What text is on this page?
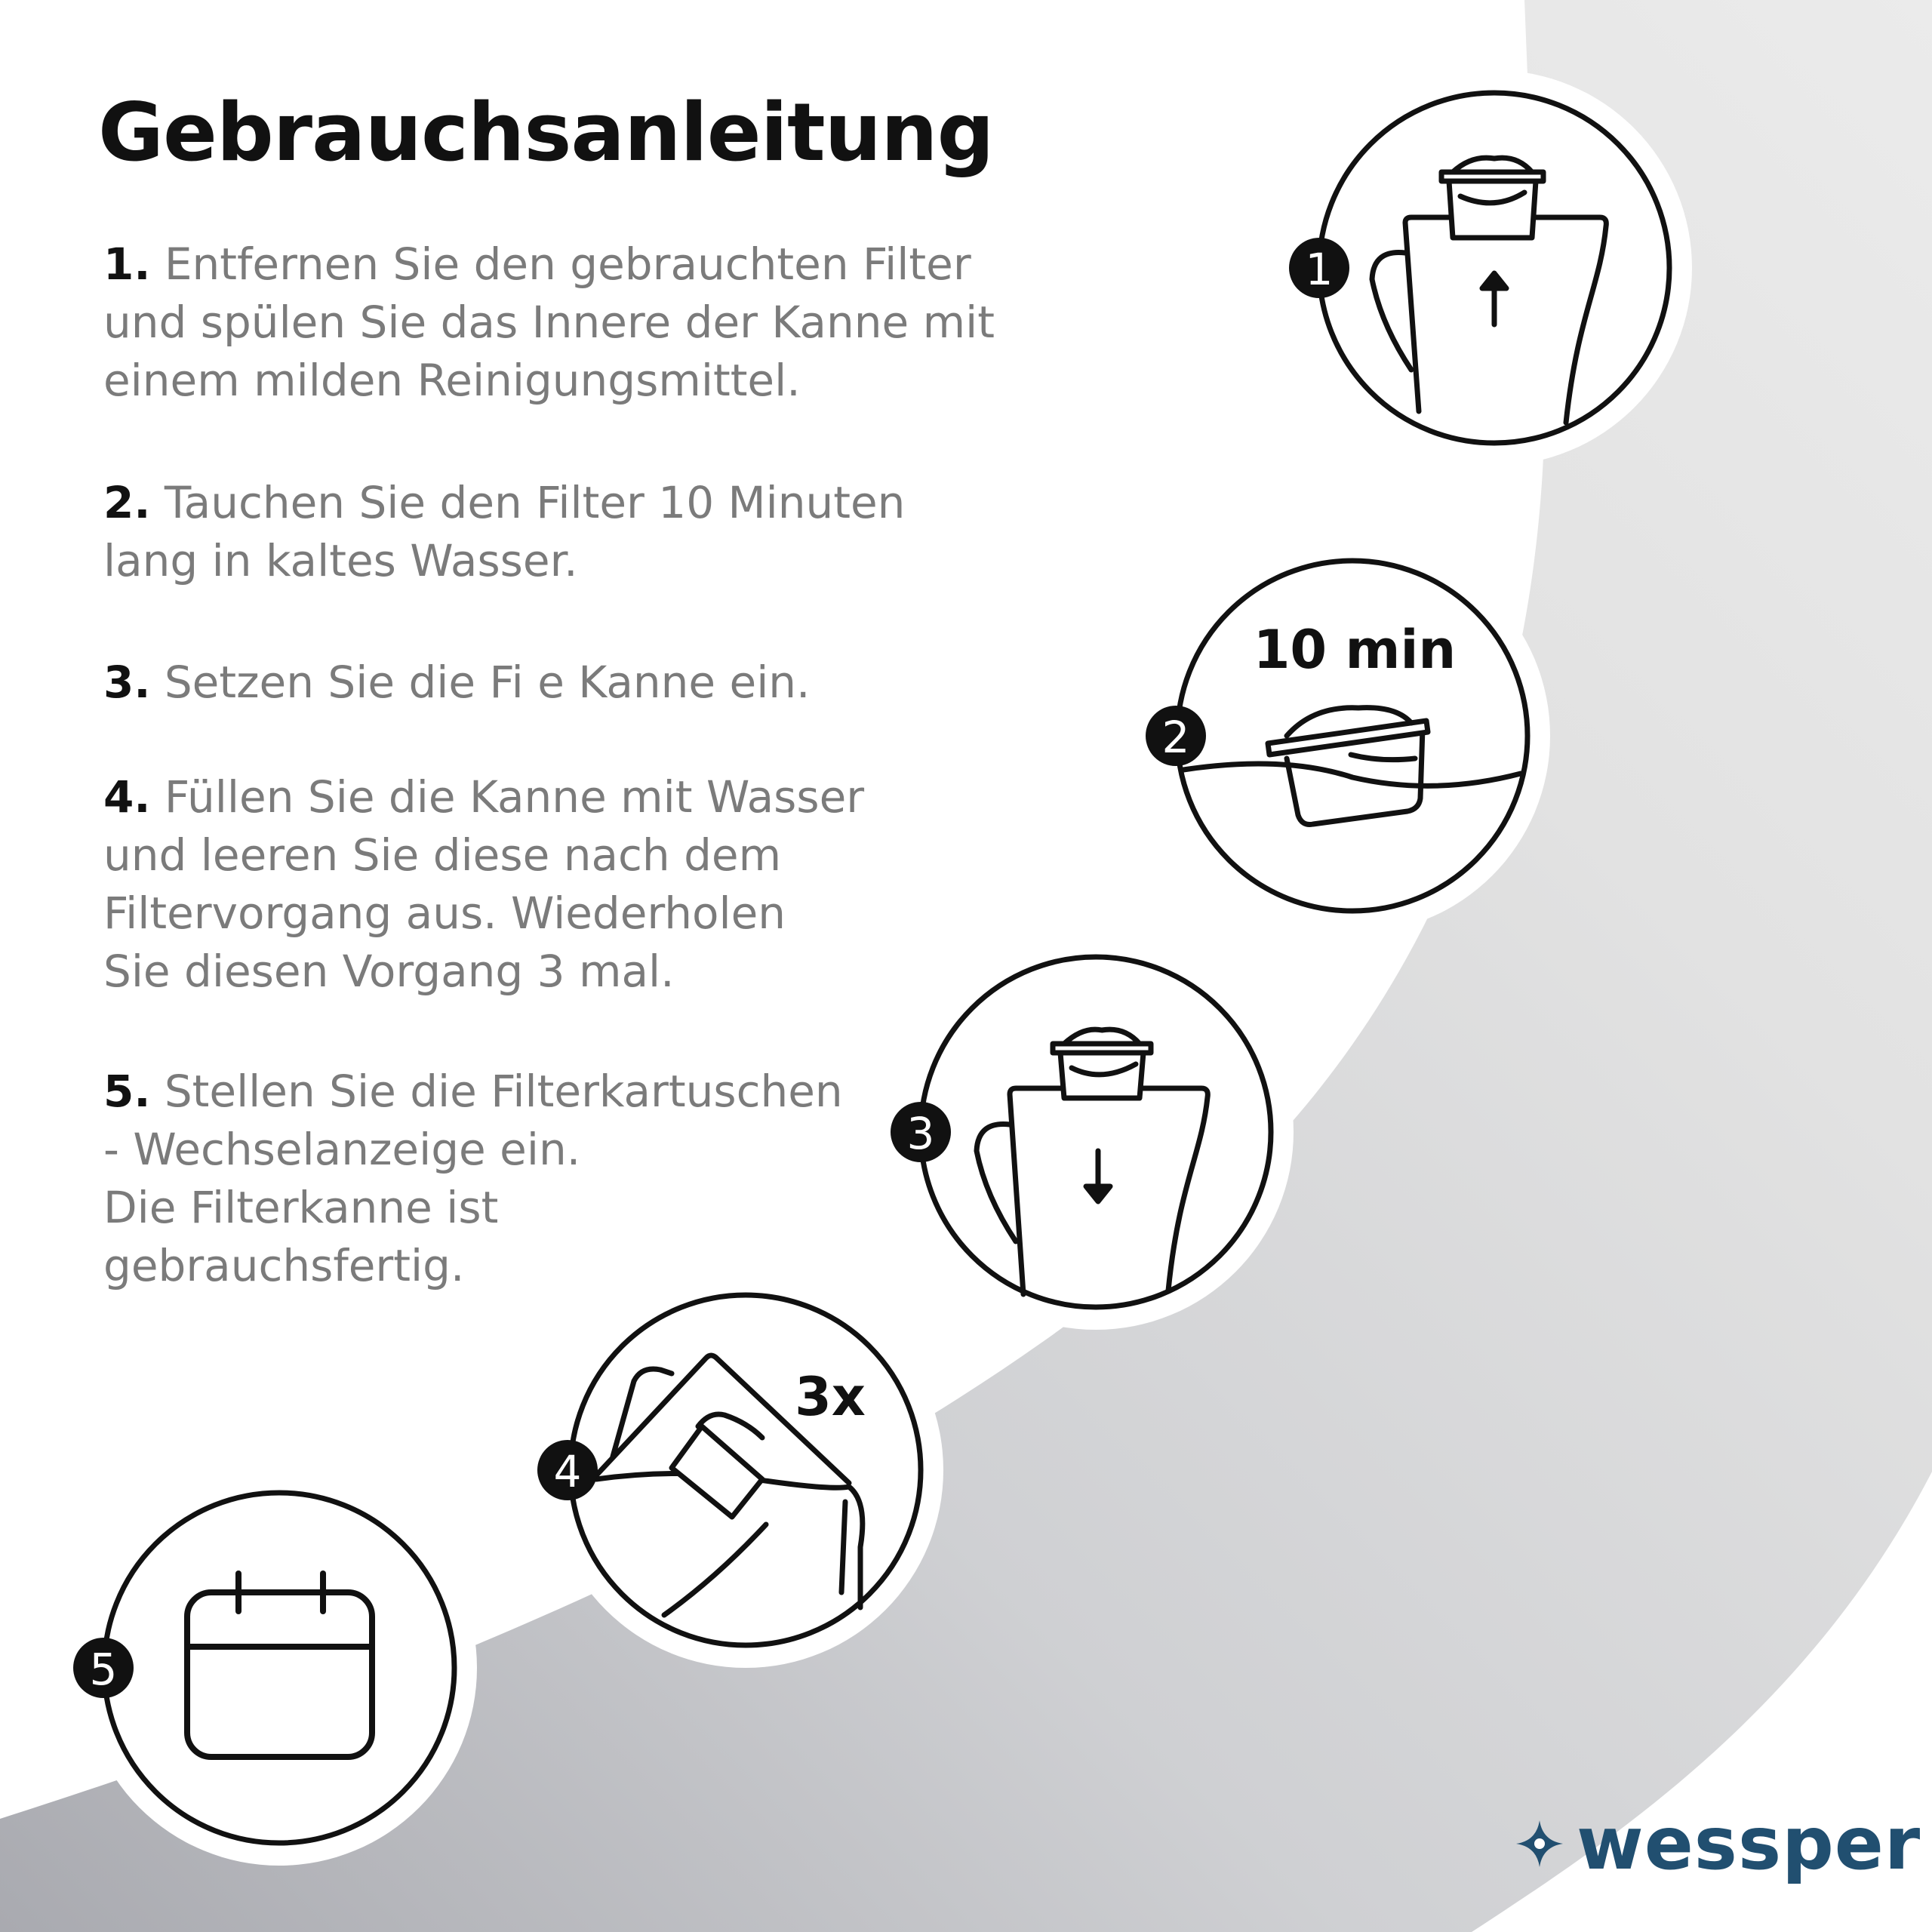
1
10 min
2
3
3x
4
5
Gebrauchsanleitung

1. Entfernen Sie den gebrauchten Filter
und spülen Sie das Innere der Kanne mit
einem milden Reinigungsmittel.

2. Tauchen Sie den Filter 10 Minuten
lang in kaltes Wasser.

3. Setzen Sie die Fi e Kanne ein.

4. Füllen Sie die Kanne mit Wasser
und leeren Sie diese nach dem
Filtervorgang aus. Wiederholen
Sie diesen Vorgang 3 mal.

5. Stellen Sie die Filterkartuschen
- Wechselanzeige ein.
Die Filterkanne ist
gebrauchsfertig.

wessper
